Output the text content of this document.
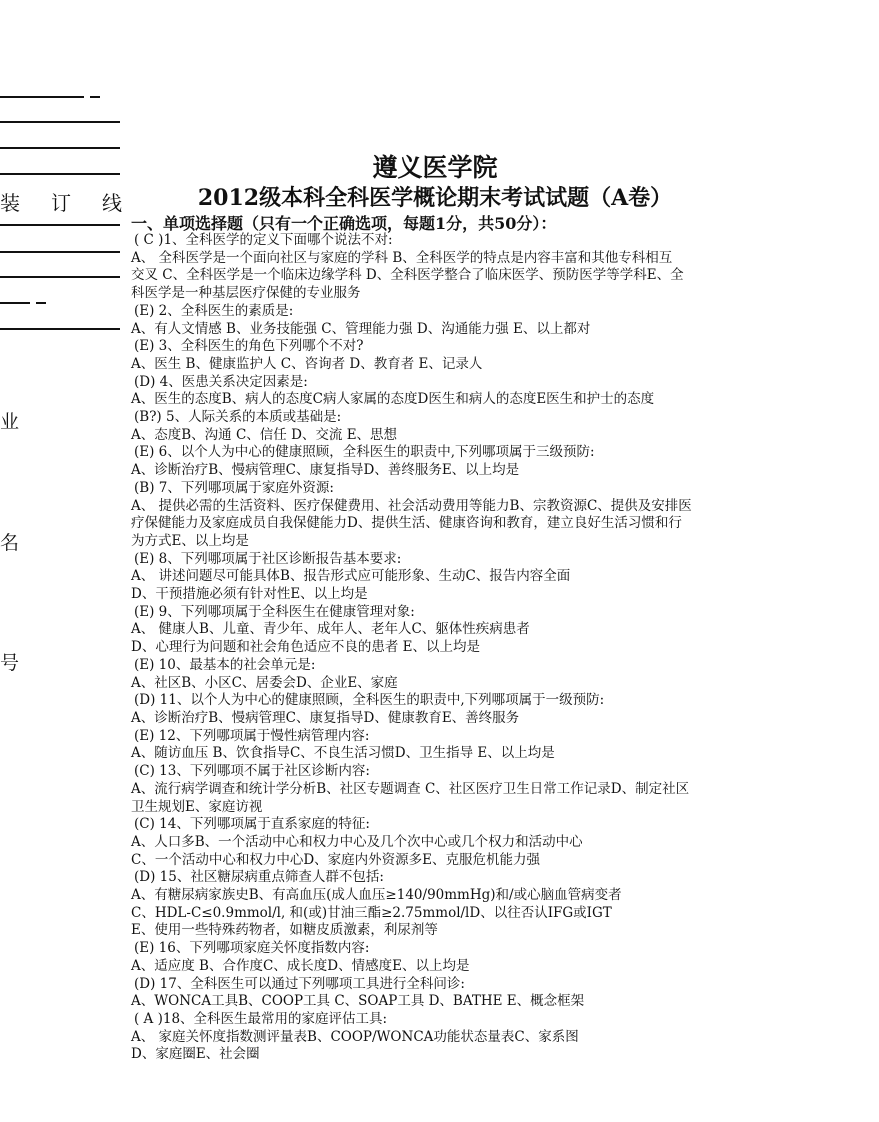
装 订 线
业
名
号
遵义医学院
2012级本科全科医学概论期末考试试题（A卷）
一、单项选择题（只有一个正确选项，每题1分，共50分）：
( C )1、全科医学的定义下面哪个说法不对:
A、 全科医学是一个面向社区与家庭的学科 B、全科医学的特点是内容丰富和其他专科相互
交叉 C、全科医学是一个临床边缘学科 D、全科医学整合了临床医学、预防医学等学科E、全
科医学是一种基层医疗保健的专业服务
(E) 2、全科医生的素质是:
A、有人文情感 B、业务技能强 C、管理能力强 D、沟通能力强 E、以上都对
(E) 3、全科医生的角色下列哪个不对?
A、医生 B、健康监护人 C、咨询者 D、教育者 E、记录人
(D) 4、医患关系决定因素是:
A、医生的态度B、病人的态度C病人家属的态度D医生和病人的态度E医生和护士的态度
(B?) 5、人际关系的本质或基础是:
A、态度B、沟通 C、信任 D、交流 E、思想
(E) 6、以个人为中心的健康照顾，全科医生的职责中,下列哪项属于三级预防:
A、诊断治疗B、慢病管理C、康复指导D、善终服务E、以上均是
(B) 7、下列哪项属于家庭外资源:
A、 提供必需的生活资料、医疗保健费用、社会活动费用等能力B、宗教资源C、提供及安排医
疗保健能力及家庭成员自我保健能力D、提供生活、健康咨询和教育，建立良好生活习惯和行
为方式E、以上均是
(E) 8、下列哪项属于社区诊断报告基本要求:
A、 讲述问题尽可能具体B、报告形式应可能形象、生动C、报告内容全面
D、干预措施必须有针对性E、以上均是
(E) 9、下列哪项属于全科医生在健康管理对象:
A、 健康人B、儿童、青少年、成年人、老年人C、躯体性疾病患者
D、心理行为问题和社会角色适应不良的患者 E、以上均是
(E) 10、最基本的社会单元是:
A、社区B、小区C、居委会D、企业E、家庭
(D) 11、以个人为中心的健康照顾，全科医生的职责中,下列哪项属于一级预防:
A、诊断治疗B、慢病管理C、康复指导D、健康教育E、善终服务
(E) 12、下列哪项属于慢性病管理内容:
A、随访血压 B、饮食指导C、不良生活习惯D、卫生指导 E、以上均是
(C) 13、下列哪项不属于社区诊断内容:
A、流行病学调查和统计学分析B、社区专题调查 C、社区医疗卫生日常工作记录D、制定社区
卫生规划E、家庭访视
(C) 14、下列哪项属于直系家庭的特征:
A、人口多B、一个活动中心和权力中心及几个次中心或几个权力和活动中心
C、一个活动中心和权力中心D、家庭内外资源多E、克服危机能力强
(D) 15、社区糖尿病重点筛查人群不包括:
A、有糖尿病家族史B、有高血压(成人血压≥140/90mmHg)和/或心脑血管病变者
C、HDL-C≤0.9mmol/l, 和(或)甘油三酯≥2.75mmol/lD、以往否认IFG或IGT
E、使用一些特殊药物者，如糖皮质激素，利尿剂等
(E) 16、下列哪项家庭关怀度指数内容:
A、适应度 B、合作度C、成长度D、情感度E、以上均是
(D) 17、全科医生可以通过下列哪项工具进行全科问诊:
A、WONCA工具B、COOP工具 C、SOAP工具 D、BATHE E、概念框架
( A )18、全科医生最常用的家庭评估工具:
A、 家庭关怀度指数测评量表B、COOP/WONCA功能状态量表C、家系图
D、家庭圈E、社会圈
